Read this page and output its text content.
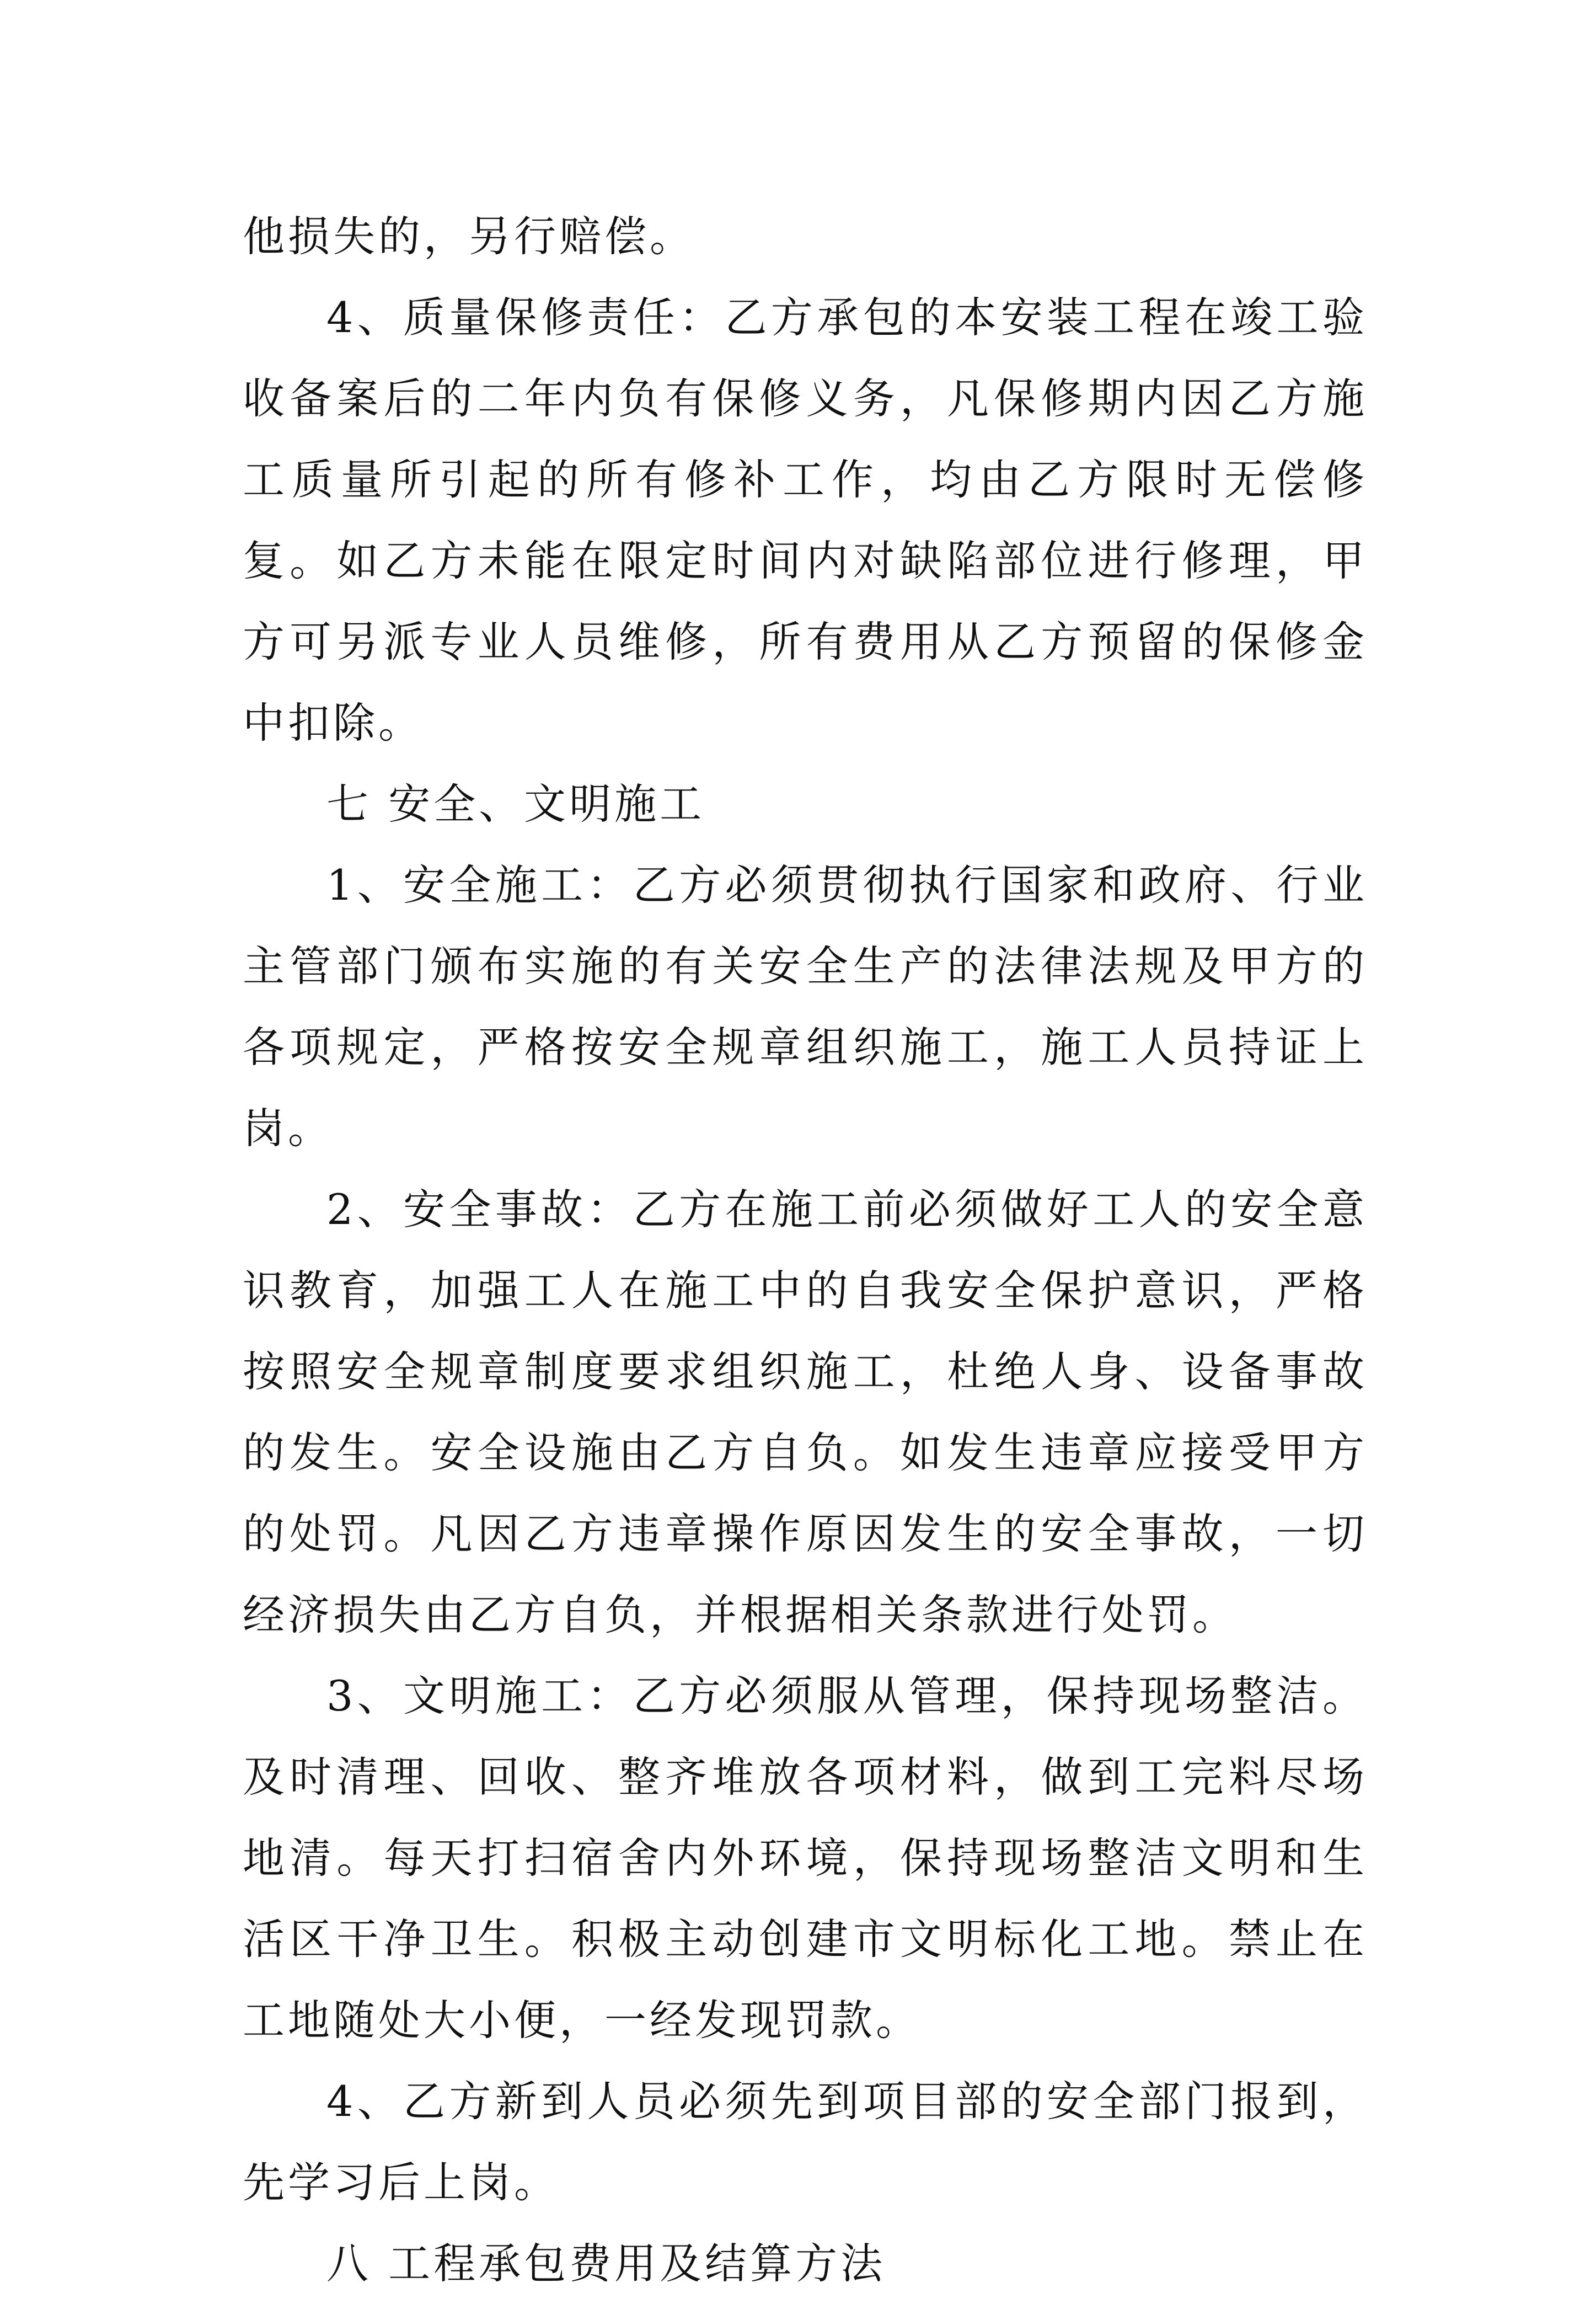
他损失的，另行赔偿。

4、质量保修责任：乙方承包的本安装工程在竣工验收备案后的二年内负有保修义务，凡保修期内因乙方施工质量所引起的所有修补工作，均由乙方限时无偿修复。如乙方未能在限定时间内对缺陷部位进行修理，甲方可另派专业人员维修，所有费用从乙方预留的保修金中扣除。

七 安全、文明施工

1、安全施工：乙方必须贯彻执行国家和政府、行业主管部门颁布实施的有关安全生产的法律法规及甲方的各项规定，严格按安全规章组织施工，施工人员持证上岗。

2、安全事故：乙方在施工前必须做好工人的安全意识教育，加强工人在施工中的自我安全保护意识，严格按照安全规章制度要求组织施工，杜绝人身、设备事故的发生。安全设施由乙方自负。如发生违章应接受甲方的处罚。凡因乙方违章操作原因发生的安全事故，一切经济损失由乙方自负，并根据相关条款进行处罚。

3、文明施工：乙方必须服从管理，保持现场整洁。及时清理、回收、整齐堆放各项材料，做到工完料尽场地清。每天打扫宿舍内外环境，保持现场整洁文明和生活区干净卫生。积极主动创建市文明标化工地。禁止在工地随处大小便，一经发现罚款。

4、乙方新到人员必须先到项目部的安全部门报到，先学习后上岗。

八 工程承包费用及结算方法
